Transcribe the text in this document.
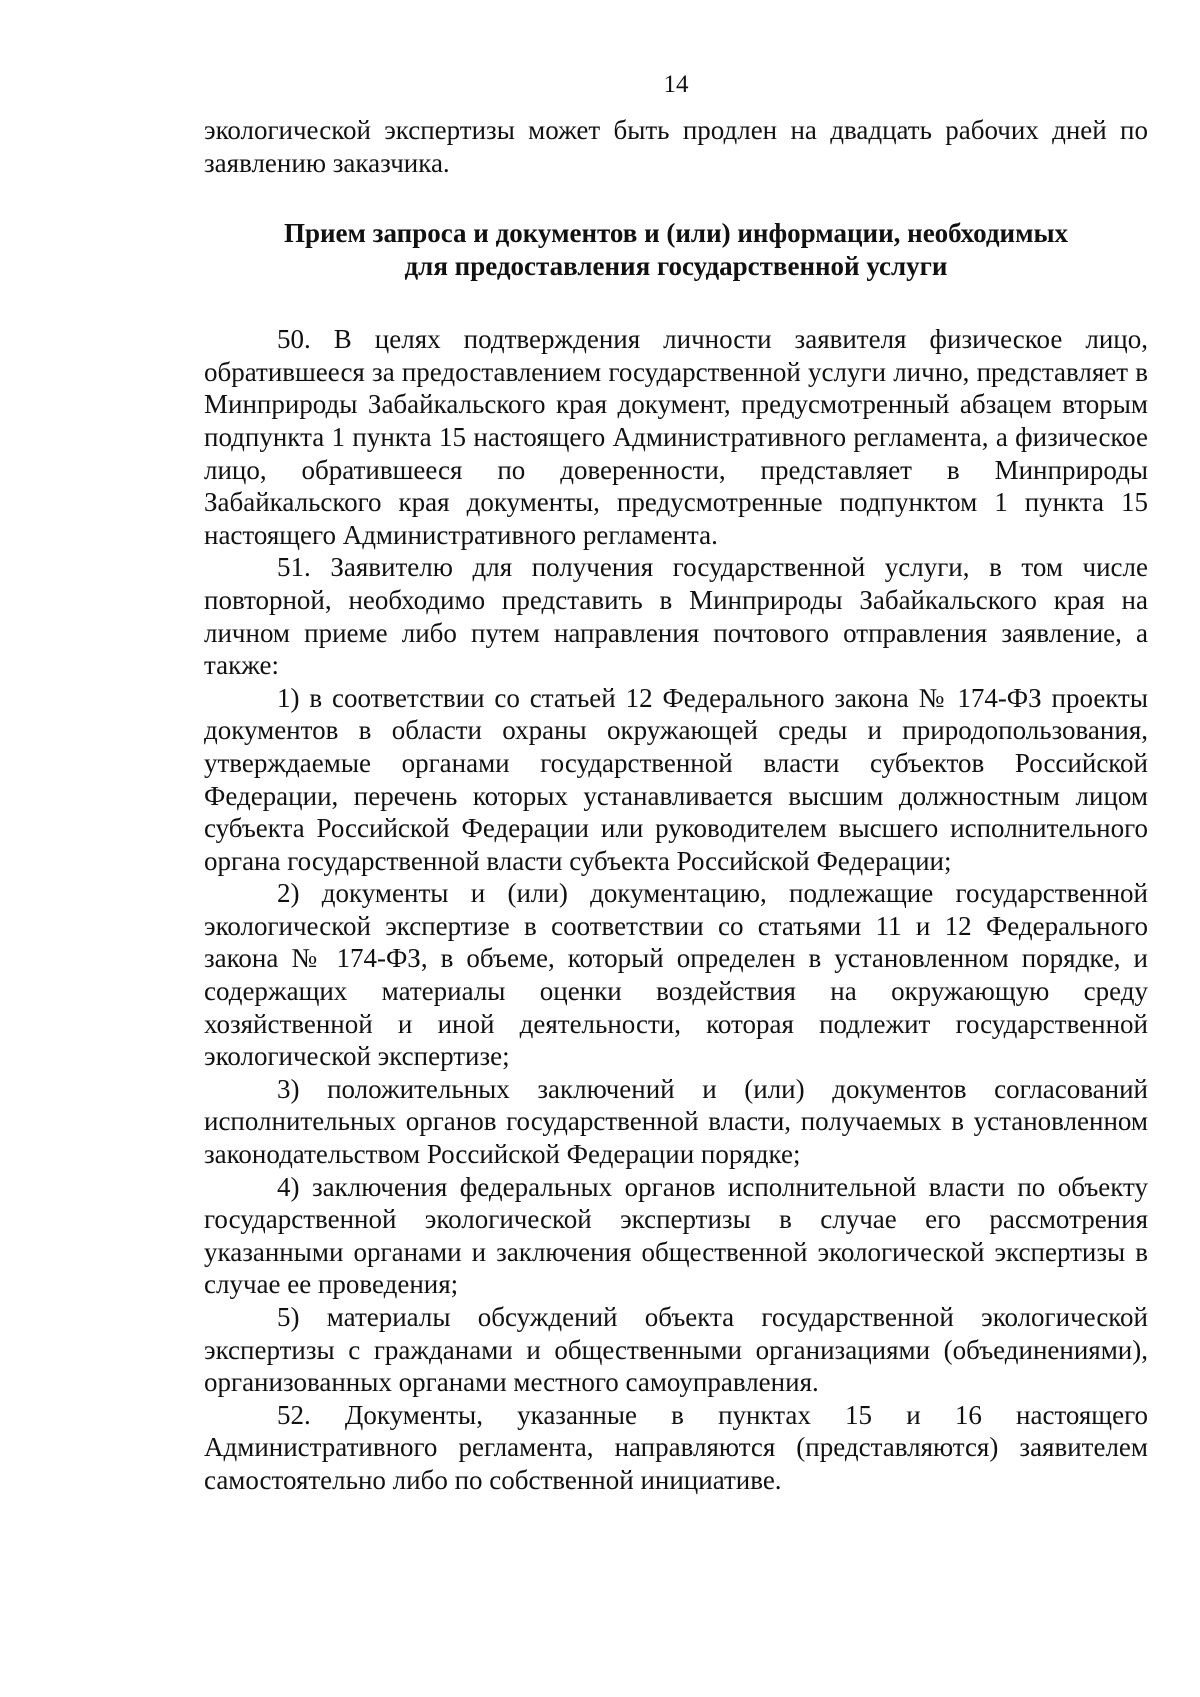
14

экологической экспертизы может быть продлен на двадцать рабочих дней по заявлению заказчика.

Прием запроса и документов и (или) информации, необходимых
для предоставления государственной услуги

50. В целях подтверждения личности заявителя физическое лицо, обратившееся за предоставлением государственной услуги лично, представляет в Минприроды Забайкальского края документ, предусмотренный абзацем вторым подпункта 1 пункта 15 настоящего Административного регламента, а физическое лицо, обратившееся по доверенности, представляет в Минприроды Забайкальского края документы, предусмотренные подпунктом 1 пункта 15 настоящего Административного регламента.

51. Заявителю для получения государственной услуги, в том числе повторной, необходимо представить в Минприроды Забайкальского края на личном приеме либо путем направления почтового отправления заявление, а также:

1) в соответствии со статьей 12 Федерального закона № 174-ФЗ проекты документов в области охраны окружающей среды и природопользования, утверждаемые органами государственной власти субъектов Российской Федерации, перечень которых устанавливается высшим должностным лицом субъекта Российской Федерации или руководителем высшего исполнительного органа государственной власти субъекта Российской Федерации;

2) документы и (или) документацию, подлежащие государственной экологической экспертизе в соответствии со статьями 11 и 12 Федерального закона № 174-ФЗ, в объеме, который определен в установленном порядке, и содержащих материалы оценки воздействия на окружающую среду хозяйственной и иной деятельности, которая подлежит государственной экологической экспертизе;

3) положительных заключений и (или) документов согласований исполнительных органов государственной власти, получаемых в установленном законодательством Российской Федерации порядке;

4) заключения федеральных органов исполнительной власти по объекту государственной экологической экспертизы в случае его рассмотрения указанными органами и заключения общественной экологической экспертизы в случае ее проведения;

5) материалы обсуждений объекта государственной экологической экспертизы с гражданами и общественными организациями (объединениями), организованных органами местного самоуправления.

52. Документы, указанные в пунктах 15 и 16 настоящего Административного регламента, направляются (представляются) заявителем самостоятельно либо по собственной инициативе.
